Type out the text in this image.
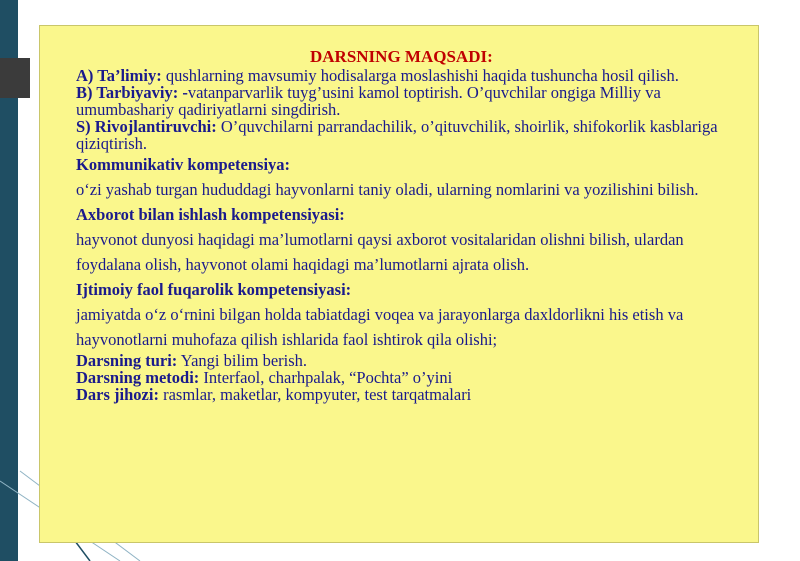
DARSNING MAQSADI:
A) Ta’limiy: qushlarning mavsumiy hodisalarga moslashishi haqida tushuncha hosil qilish.
B) Tarbiyaviy: -vatanparvarlik tuyg’usini kamol toptirish. O’quvchilar ongiga Milliy va umumbashariy qadiriyatlarni singdirish.
S) Rivojlantiruvchi: O’quvchilarni parrandachilik, o’qituvchilik, shoirlik, shifokorlik kasblariga qiziqtirish.
Kommunikativ kompetensiya:
o‘zi yashab turgan hududdagi hayvonlarni taniy oladi, ularning nomlarini va yozilishini bilish.
Axborot bilan ishlash kompetensiyasi:
hayvonot dunyosi haqidagi ma’lumotlarni qaysi axborot vositalaridan olishni bilish, ulardan foydalana olish, hayvonot olami haqidagi ma’lumotlarni ajrata olish.
Ijtimoiy faol fuqarolik kompetensiyasi:
jamiyatda o‘z o‘rnini bilgan holda tabiatdagi voqea va jarayonlarga daxldorlikni his etish va hayvonotlarni muhofaza qilish ishlarida faol ishtirok qila olishi;
Darsning turi: Yangi bilim berish.
Darsning metodi: Interfaol, charhpalak, “Pochta” o’yini
Dars jihozi: rasmlar, maketlar, kompyuter, test tarqatmalari
